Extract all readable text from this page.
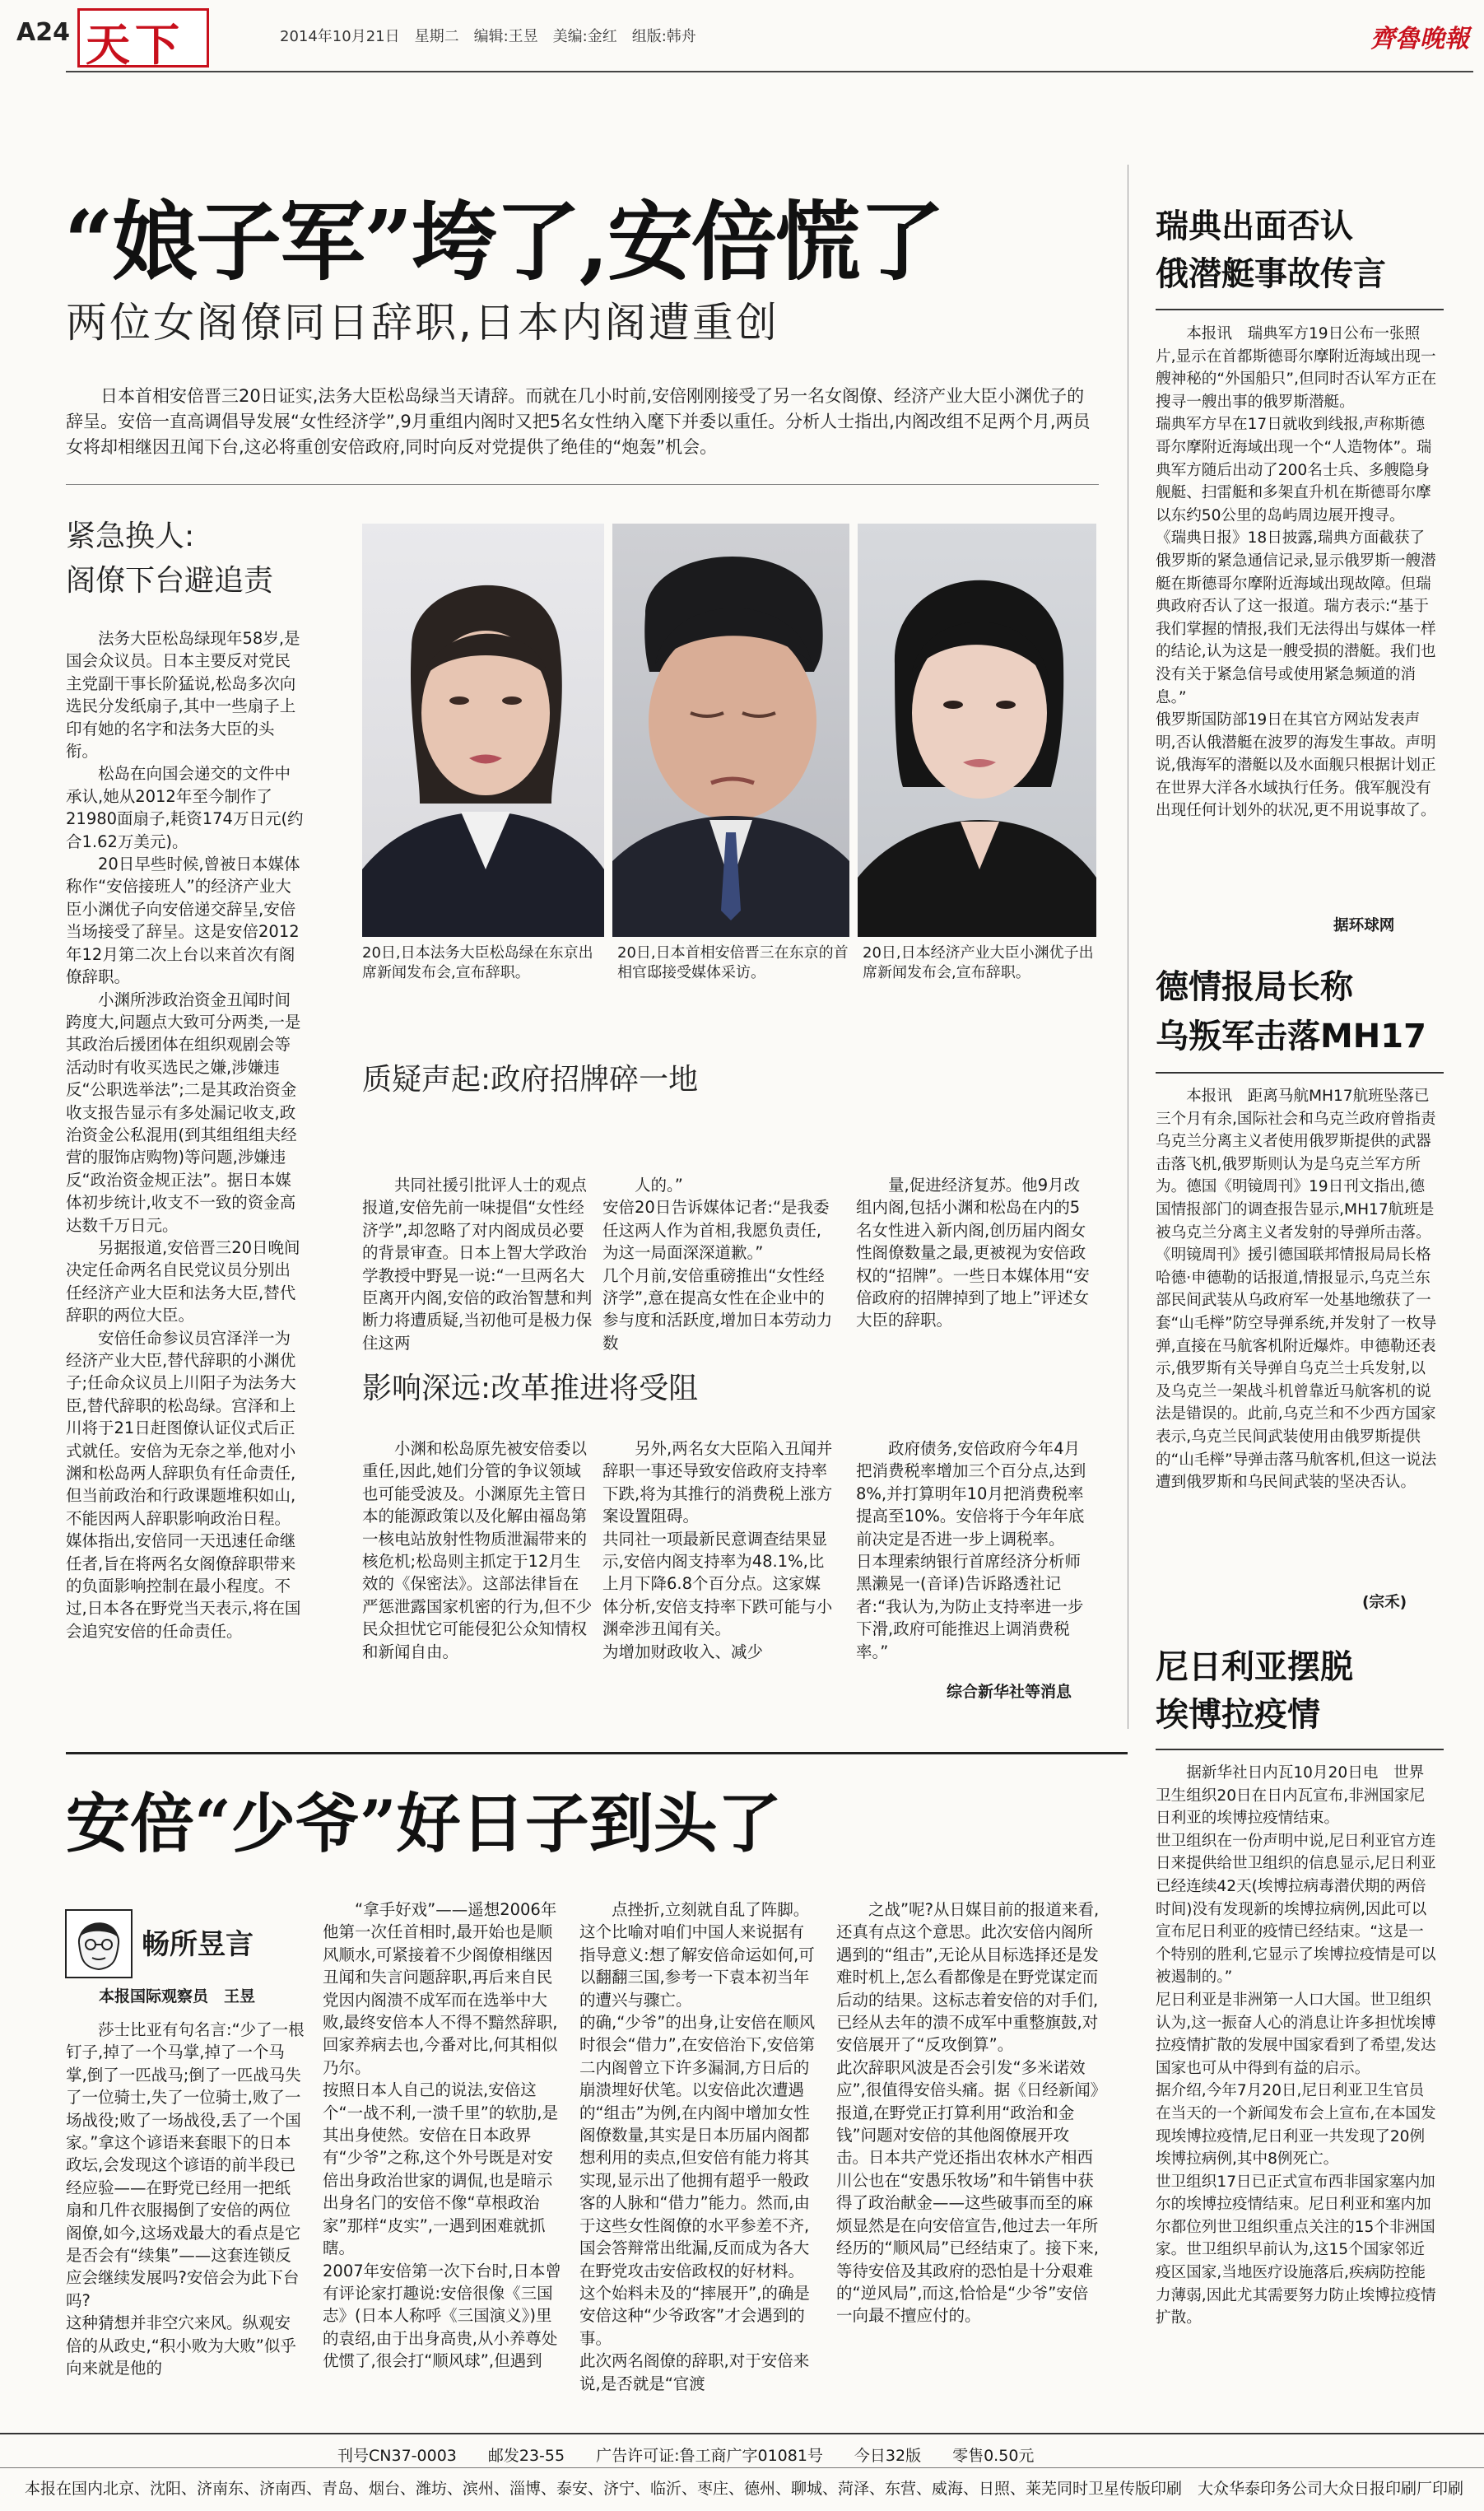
A24 天下	2014年10月21日　星期二　编辑:王昱　美编:金红　组版:韩舟	齊魯晚報
“娘子军”垮了,安倍慌了
两位女阁僚同日辞职,日本内阁遭重创
日本首相安倍晋三20日证实,法务大臣松岛绿当天请辞。而就在几小时前,安倍刚刚接受了另一名女阁僚、经济产业大臣小渊优子的辞呈。安倍一直高调倡导发展“女性经济学”,9月重组内阁时又把5名女性纳入麾下并委以重任。分析人士指出,内阁改组不足两个月,两员女将却相继因丑闻下台,这必将重创安倍政府,同时向反对党提供了绝佳的“炮轰”机会。
紧急换人:
阁僚下台避追责

法务大臣松岛绿现年58岁,是国会众议员。日本主要反对党民主党副干事长阶猛说,松岛多次向选民分发纸扇子,其中一些扇子上印有她的名字和法务大臣的头衔。

松岛在向国会递交的文件中承认,她从2012年至今制作了21980面扇子,耗资174万日元(约合1.62万美元)。

20日早些时候,曾被日本媒体称作“安倍接班人”的经济产业大臣小渊优子向安倍递交辞呈,安倍当场接受了辞呈。这是安倍2012年12月第二次上台以来首次有阁僚辞职。

小渊所涉政治资金丑闻时间跨度大,问题点大致可分两类,一是其政治后援团体在组织观剧会等活动时有收买选民之嫌,涉嫌违反“公职选举法”;二是其政治资金收支报告显示有多处漏记收支,政治资金公私混用(到其组组组夫经营的服饰店购物)等问题,涉嫌违反“政治资金规正法”。据日本媒体初步统计,收支不一致的资金高达数千万日元。

另据报道,安倍晋三20日晚间决定任命两名自民党议员分别出任经济产业大臣和法务大臣,替代辞职的两位大臣。

安倍任命参议员宫泽洋一为经济产业大臣,替代辞职的小渊优子;任命众议员上川阳子为法务大臣,替代辞职的松岛绿。宫泽和上川将于21日赶图僚认证仪式后正式就任。安倍为无奈之举,他对小渊和松岛两人辞职负有任命责任,但当前政治和行政课题堆积如山,不能因两人辞职影响政治日程。媒体指出,安倍同一天迅速任命继任者,旨在将两名女阁僚辞职带来的负面影响控制在最小程度。不过,日本各在野党当天表示,将在国会追究安倍的任命责任。

20日,日本法务大臣松岛绿在东京出席新闻发布会,宣布辞职。
20日,日本首相安倍晋三在东京的首相官邸接受媒体采访。
20日,日本经济产业大臣小渊优子出席新闻发布会,宣布辞职。
质疑声起:政府招牌碎一地

共同社援引批评人士的观点报道,安倍先前一味提倡“女性经济学”,却忽略了对内阁成员必要的背景审查。日本上智大学政治学教授中野晃一说:“一旦两名大臣离开内阁,安倍的政治智慧和判断力将遭质疑,当初他可是极力保住这两

人的。”
安倍20日告诉媒体记者:“是我委任这两人作为首相,我愿负责任,为这一局面深深道歉。”
几个月前,安倍重磅推出“女性经济学”,意在提高女性在企业中的参与度和活跃度,增加日本劳动力数

量,促进经济复苏。他9月改组内阁,包括小渊和松岛在内的5名女性进入新内阁,创历届内阁女性阁僚数量之最,更被视为安倍政权的“招牌”。一些日本媒体用“安倍政府的招牌掉到了地上”评述女大臣的辞职。

影响深远:改革推进将受阻

小渊和松岛原先被安倍委以重任,因此,她们分管的争议领域也可能受波及。小渊原先主管日本的能源政策以及化解由福岛第一核电站放射性物质泄漏带来的核危机;松岛则主抓定于12月生效的《保密法》。这部法律旨在严惩泄露国家机密的行为,但不少民众担忧它可能侵犯公众知情权和新闻自由。

另外,两名女大臣陷入丑闻并辞职一事还导致安倍政府支持率下跌,将为其推行的消费税上涨方案设置阻碍。
共同社一项最新民意调查结果显示,安倍内阁支持率为48.1%,比上月下降6.8个百分点。这家媒体分析,安倍支持率下跌可能与小渊牵涉丑闻有关。
为增加财政收入、减少

政府债务,安倍政府今年4月把消费税率增加三个百分点,达到8%,并打算明年10月把消费税率提高至10%。安倍将于今年年底前决定是否进一步上调税率。
日本理索纳银行首席经济分析师黑濑晃一(音译)告诉路透社记者:“我认为,为防止支持率进一步下滑,政府可能推迟上调消费税率。”

综合新华社等消息
瑞典出面否认
俄潜艇事故传言
本报讯　瑞典军方19日公布一张照片,显示在首都斯德哥尔摩附近海域出现一艘神秘的“外国船只”,但同时否认军方正在搜寻一艘出事的俄罗斯潜艇。
瑞典军方早在17日就收到线报,声称斯德哥尔摩附近海域出现一个“人造物体”。瑞典军方随后出动了200名士兵、多艘隐身舰艇、扫雷艇和多架直升机在斯德哥尔摩以东约50公里的岛屿周边展开搜寻。
《瑞典日报》18日披露,瑞典方面截获了俄罗斯的紧急通信记录,显示俄罗斯一艘潜艇在斯德哥尔摩附近海域出现故障。但瑞典政府否认了这一报道。瑞方表示:“基于我们掌握的情报,我们无法得出与媒体一样的结论,认为这是一艘受损的潜艇。我们也没有关于紧急信号或使用紧急频道的消息。”
俄罗斯国防部19日在其官方网站发表声明,否认俄潜艇在波罗的海发生事故。声明说,俄海军的潜艇以及水面舰只根据计划正在世界大洋各水域执行任务。俄军舰没有出现任何计划外的状况,更不用说事故了。
据环球网
德情报局长称
乌叛军击落MH17
本报讯　距离马航MH17航班坠落已三个月有余,国际社会和乌克兰政府曾指责乌克兰分离主义者使用俄罗斯提供的武器击落飞机,俄罗斯则认为是乌克兰军方所为。德国《明镜周刊》19日刊文指出,德国情报部门的调查报告显示,MH17航班是被乌克兰分离主义者发射的导弹所击落。
《明镜周刊》援引德国联邦情报局局长格哈德·申德勒的话报道,情报显示,乌克兰东部民间武装从乌政府军一处基地缴获了一套“山毛榉”防空导弹系统,并发射了一枚导弹,直接在马航客机附近爆炸。申德勒还表示,俄罗斯有关导弹自乌克兰士兵发射,以及乌克兰一架战斗机曾靠近马航客机的说法是错误的。此前,乌克兰和不少西方国家表示,乌克兰民间武装使用由俄罗斯提供的“山毛榉”导弹击落马航客机,但这一说法遭到俄罗斯和乌民间武装的坚决否认。
(宗禾)
尼日利亚摆脱
埃博拉疫情
据新华社日内瓦10月20日电　世界卫生组织20日在日内瓦宣布,非洲国家尼日利亚的埃博拉疫情结束。
世卫组织在一份声明中说,尼日利亚官方连日来提供给世卫组织的信息显示,尼日利亚已经连续42天(埃博拉病毒潜伏期的两倍时间)没有发现新的埃博拉病例,因此可以宣布尼日利亚的疫情已经结束。“这是一个特别的胜利,它显示了埃博拉疫情是可以被遏制的。”
尼日利亚是非洲第一人口大国。世卫组织认为,这一振奋人心的消息让许多担忧埃博拉疫情扩散的发展中国家看到了希望,发达国家也可从中得到有益的启示。
据介绍,今年7月20日,尼日利亚卫生官员在当天的一个新闻发布会上宣布,在本国发现埃博拉疫情,尼日利亚一共发现了20例埃博拉病例,其中8例死亡。
世卫组织17日已正式宣布西非国家塞内加尔的埃博拉疫情结束。尼日利亚和塞内加尔都位列世卫组织重点关注的15个非洲国家。世卫组织早前认为,这15个国家邻近疫区国家,当地医疗设施落后,疾病防控能力薄弱,因此尤其需要努力防止埃博拉疫情扩散。
安倍“少爷”好日子到头了
畅所昱言
本报国际观察员　王昱

莎士比亚有句名言:“少了一根钉子,掉了一个马掌,掉了一个马掌,倒了一匹战马;倒了一匹战马失了一位骑士,失了一位骑士,败了一场战役;败了一场战役,丢了一个国家。”拿这个谚语来套眼下的日本政坛,会发现这个谚语的前半段已经应验——在野党已经用一把纸扇和几件衣服揭倒了安倍的两位阁僚,如今,这场戏最大的看点是它是否会有“续集”——这套连锁反应会继续发展吗?安倍会为此下台吗?
这种猜想并非空穴来风。纵观安倍的从政史,“积小败为大败”似乎向来就是他的

“拿手好戏”——遥想2006年他第一次任首相时,最开始也是顺风顺水,可紧接着不少阁僚相继因丑闻和失言问题辞职,再后来自民党因内阁溃不成军而在选举中大败,最终安倍本人不得不黯然辞职,回家养病去也,今番对比,何其相似乃尔。
按照日本人自己的说法,安倍这个“一战不利,一溃千里”的软肋,是其出身使然。安倍在日本政界有“少爷”之称,这个外号既是对安倍出身政治世家的调侃,也是暗示出身名门的安倍不像“草根政治家”那样“皮实”,一遇到困难就抓瞎。
2007年安倍第一次下台时,日本曾有评论家打趣说:安倍很像《三国志》(日本人称呼《三国演义》)里的袁绍,由于出身高贵,从小养尊处优惯了,很会打“顺风球”,但遇到

点挫折,立刻就自乱了阵脚。这个比喻对咱们中国人来说据有指导意义:想了解安倍命运如何,可以翻翻三国,参考一下袁本初当年的遭兴与骤亡。
的确,“少爷”的出身,让安倍在顺风时很会“借力”,在安倍治下,安倍第二内阁曾立下许多漏洞,方日后的崩溃埋好伏笔。以安倍此次遭遇的“组击”为例,在内阁中增加女性阁僚数量,其实是日本历届内阁都想利用的卖点,但安倍有能力将其实现,显示出了他拥有超乎一般政客的人脉和“借力”能力。然而,由于这些女性阁僚的水平参差不齐,国会答辩常出纰漏,反而成为各大在野党攻击安倍政权的好材料。这个始料未及的“摔展开”,的确是安倍这种“少爷政客”才会遇到的事。
此次两名阁僚的辞职,对于安倍来说,是否就是“官渡

之战”呢?从日媒目前的报道来看,还真有点这个意思。此次安倍内阁所遇到的“组击”,无论从目标选择还是发难时机上,怎么看都像是在野党谋定而后动的结果。这标志着安倍的对手们,已经从去年的溃不成军中重整旗鼓,对安倍展开了“反攻倒算”。
此次辞职风波是否会引发“多米诺效应”,很值得安倍头痛。据《日经新闻》报道,在野党正打算利用“政治和金钱”问题对安倍的其他阁僚展开攻击。日本共产党还指出农林水产相西川公也在“安愚乐牧场”和牛销售中获得了政治献金——这些破事而至的麻烦显然是在向安倍宣告,他过去一年所经历的“顺风局”已经结束了。接下来,等待安倍及其政府的恐怕是十分艰难的“逆风局”,而这,恰恰是“少爷”安倍一向最不擅应付的。

刊号CN37-0003　　邮发23-55　　广告许可证:鲁工商广字01081号　　今日32版　　零售0.50元
本报在国内北京、沈阳、济南东、济南西、青岛、烟台、潍坊、滨州、淄博、泰安、济宁、临沂、枣庄、德州、聊城、菏泽、东营、威海、日照、莱芜同时卫星传版印刷　大众华泰印务公司大众日报印刷厂印刷
